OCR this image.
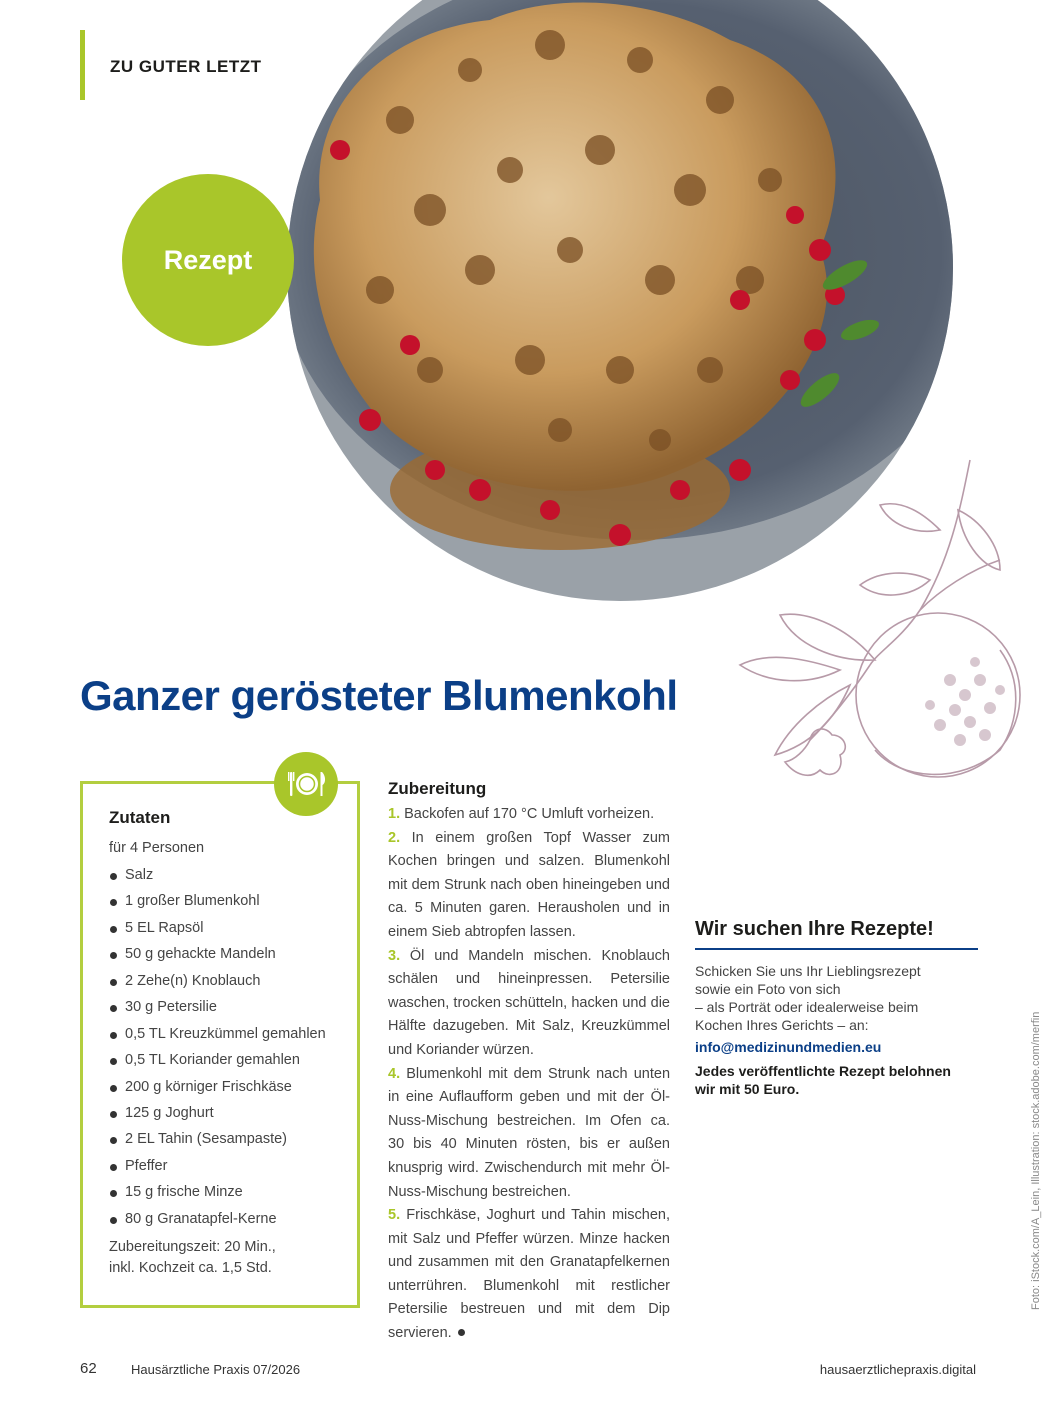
ZU GUTER LETZT
Rezept
Ganzer gerösteter Blumenkohl
Zutaten
für 4 Personen
Salz
1 großer Blumenkohl
5 EL Rapsöl
50 g gehackte Mandeln
2 Zehe(n) Knoblauch
30 g Petersilie
0,5 TL Kreuzkümmel gemahlen
0,5 TL Koriander gemahlen
200 g körniger Frischkäse
125 g Joghurt
2 EL Tahin (Sesampaste)
Pfeffer
15 g frische Minze
80 g Granatapfel-Kerne

Zubereitungszeit: 20 Min.,
inkl. Kochzeit ca. 1,5 Std.

Zubereitung

1. Backofen auf 170 °C Umluft vorheizen.
2. In einem großen Topf Wasser zum Kochen bringen und salzen. Blumenkohl mit dem Strunk nach oben hineingeben und ca. 5 Minuten garen. Herausholen und in einem Sieb abtropfen lassen.
3. Öl und Mandeln mischen. Knoblauch schälen und hineinpressen. Petersilie waschen, trocken schütteln, hacken und die Hälfte dazugeben. Mit Salz, Kreuzkümmel und Koriander würzen.
4. Blumenkohl mit dem Strunk nach unten in eine Auflaufform geben und mit der Öl-Nuss-Mischung bestreichen. Im Ofen ca. 30 bis 40 Minuten rösten, bis er außen knusprig wird. Zwischendurch mit mehr Öl-Nuss-Mischung bestreichen.
5. Frischkäse, Joghurt und Tahin mischen, mit Salz und Pfeffer würzen. Minze hacken und zusammen mit den Granatapfelkernen unterrühren. Blumenkohl mit restlicher Petersilie bestreuen und mit dem Dip servieren.

Wir suchen Ihre Rezepte!

Schicken Sie uns Ihr Lieblingsrezept
sowie ein Foto von sich
– als Porträt oder idealerweise beim
Kochen Ihres Gerichts – an:

info@medizinundmedien.eu

Jedes veröffentlichte Rezept belohnen
wir mit 50 Euro.	Foto: iStock.com/A_Lein, Illustration: stock.adobe.com/merfin
62	Hausärztliche Praxis 07/2026	hausaerztlichepraxis.digital
